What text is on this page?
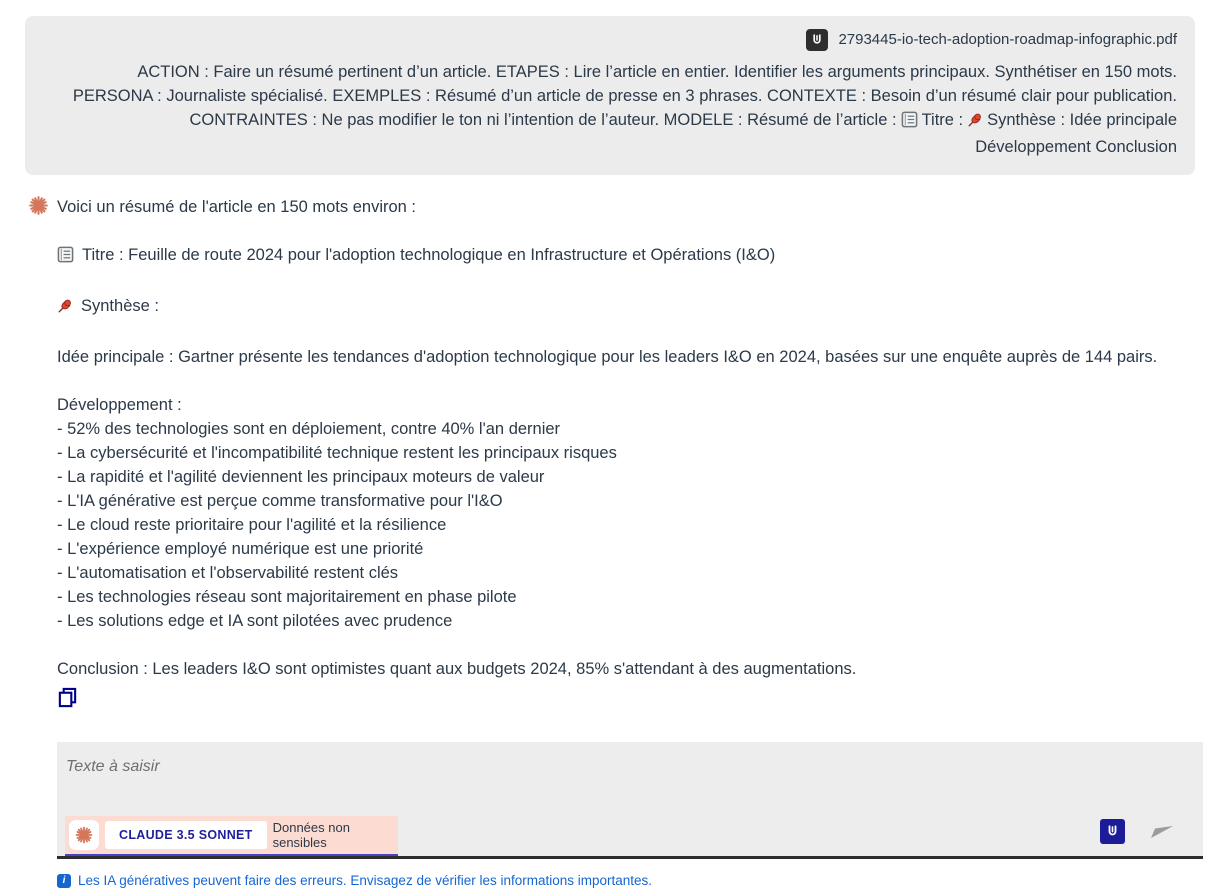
2793445-io-tech-adoption-roadmap-infographic.pdf
ACTION : Faire un résumé pertinent d’un article. ETAPES : Lire l’article en entier. Identifier les arguments principaux. Synthétiser en 150 mots.
PERSONA : Journaliste spécialisé. EXEMPLES : Résumé d’un article de presse en 3 phrases. CONTEXTE : Besoin d’un résumé clair pour publication.
CONTRAINTES : Ne pas modifier le ton ni l’intention de l’auteur. MODELE : Résumé de l’article : Titre : Synthèse : Idée principale
Développement Conclusion
Voici un résumé de l'article en 150 mots environ :
Titre : Feuille de route 2024 pour l'adoption technologique en Infrastructure et Opérations (I&O)
Synthèse :
Idée principale : Gartner présente les tendances d'adoption technologique pour les leaders I&O en 2024, basées sur une enquête auprès de 144 pairs.
Développement :
- 52% des technologies sont en déploiement, contre 40% l'an dernier
- La cybersécurité et l'incompatibilité technique restent les principaux risques
- La rapidité et l'agilité deviennent les principaux moteurs de valeur
- L'IA générative est perçue comme transformative pour l'I&O
- Le cloud reste prioritaire pour l'agilité et la résilience
- L'expérience employé numérique est une priorité
- L'automatisation et l'observabilité restent clés
- Les technologies réseau sont majoritairement en phase pilote
- Les solutions edge et IA sont pilotées avec prudence
Conclusion : Les leaders I&O sont optimistes quant aux budgets 2024, 85% s'attendant à des augmentations.
Texte à saisir
CLAUDE 3.5 SONNET	Données non sensibles
i Les IA génératives peuvent faire des erreurs. Envisagez de vérifier les informations importantes.
